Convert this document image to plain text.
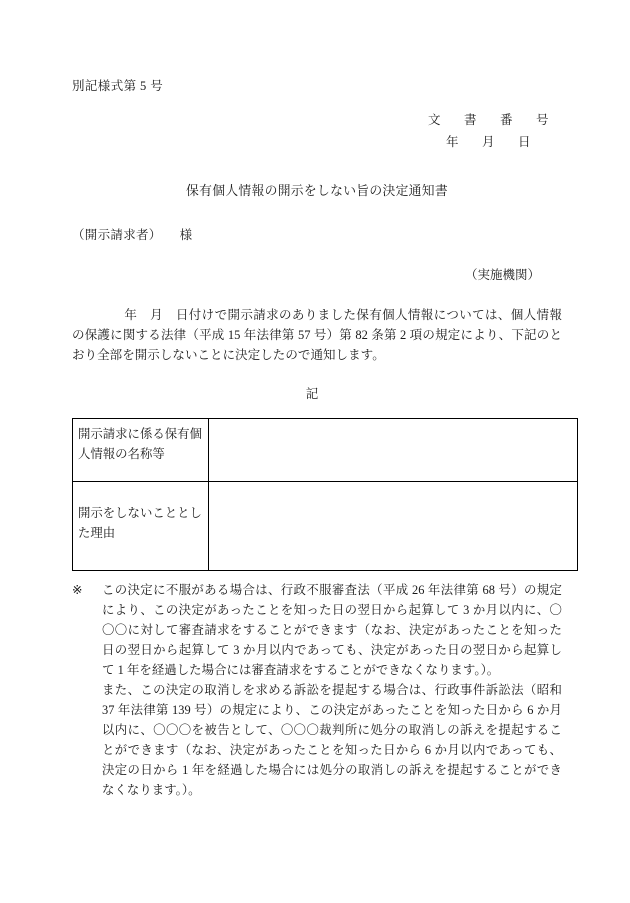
別記様式第 5 号
文　書　番　号
年　月　日
保有個人情報の開示をしない旨の決定通知書
（開示請求者） 様
（実施機関）
年　月　日付けで開示請求のありました保有個人情報については、個人情報の保護に関する法律（平成 15 年法律第 57 号）第 82 条第 2 項の規定により、下記のとおり全部を開示しないことに決定したので通知します。
記
開示請求に係る保有個人情報の名称等	

開示をしないこととした理由	

※	この決定に不服がある場合は、行政不服審査法（平成 26 年法律第 68 号）の規定により、この決定があったことを知った日の翌日から起算して 3 か月以内に、〇〇〇に対して審査請求をすることができます（なお、決定があったことを知った日の翌日から起算して 3 か月以内であっても、決定があった日の翌日から起算して 1 年を経過した場合には審査請求をすることができなくなります。）。
また、この決定の取消しを求める訴訟を提起する場合は、行政事件訴訟法（昭和 37 年法律第 139 号）の規定により、この決定があったことを知った日から 6 か月以内に、〇〇〇を被告として、〇〇〇裁判所に処分の取消しの訴えを提起することができます（なお、決定があったことを知った日から 6 か月以内であっても、決定の日から 1 年を経過した場合には処分の取消しの訴えを提起することができなくなります。）。
